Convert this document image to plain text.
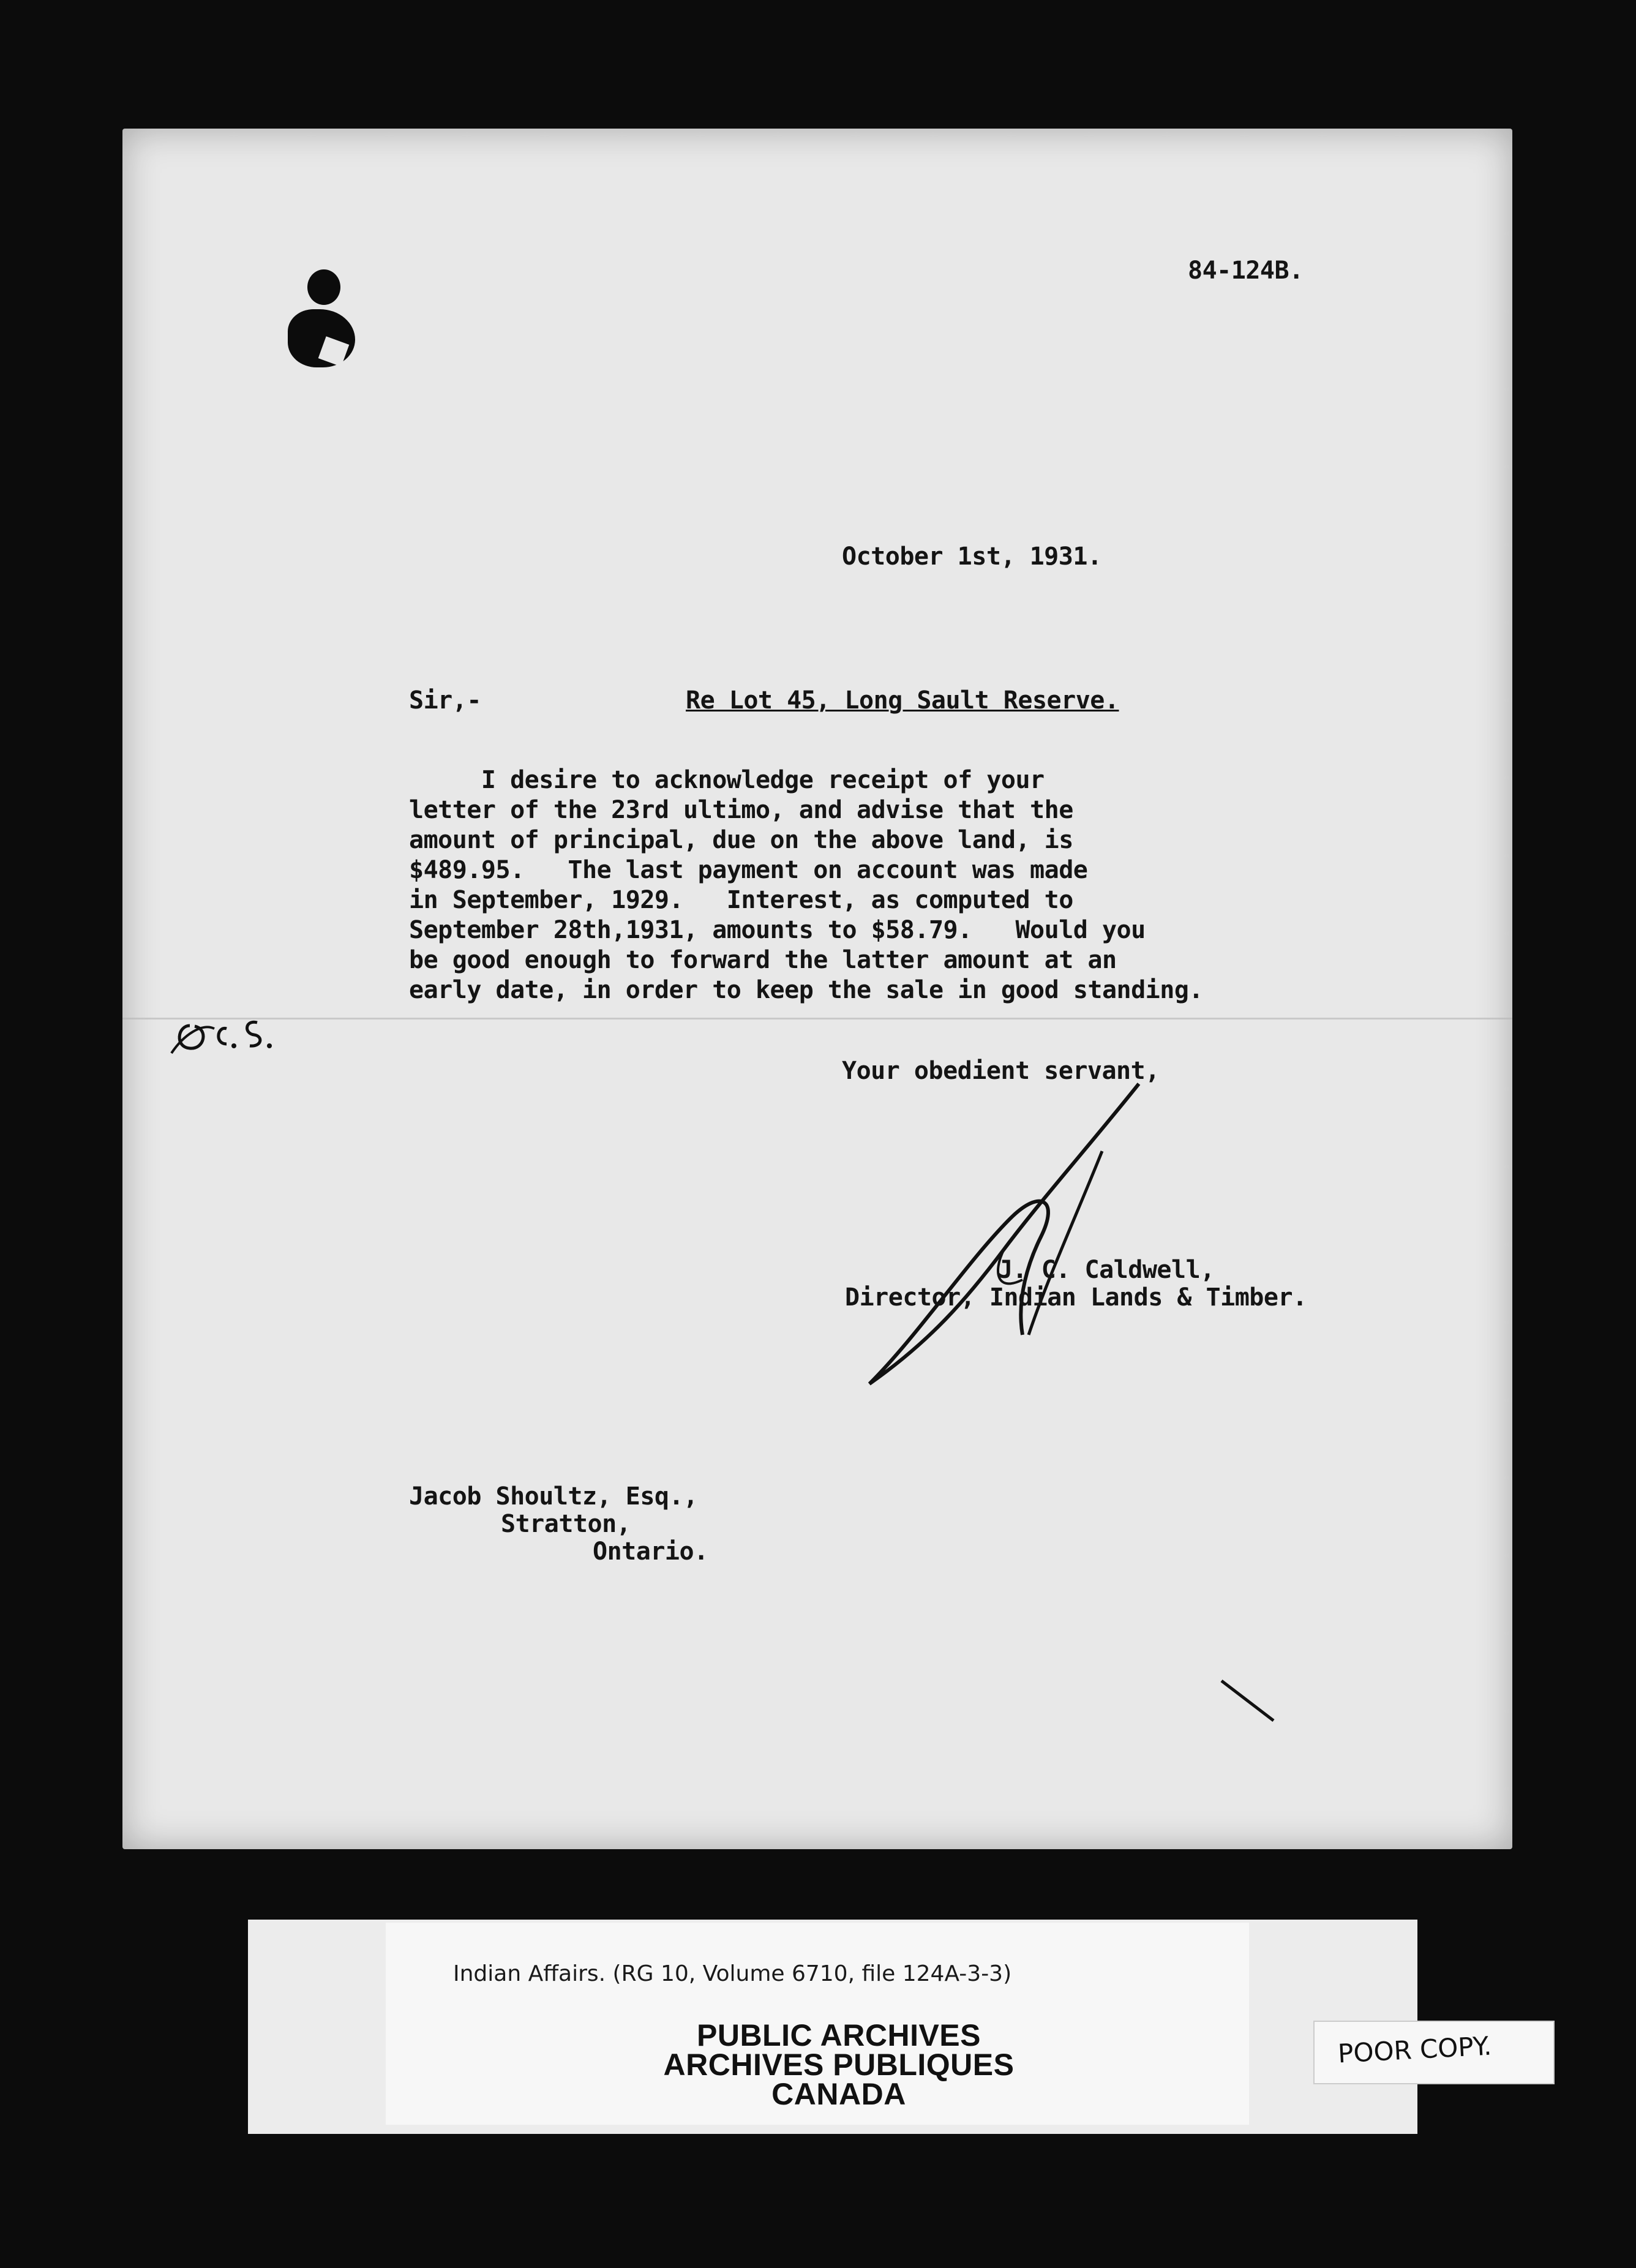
84-124B.
October 1st, 1931.
Sir,-	Re Lot 45, Long Sault Reserve.
I desire to acknowledge receipt of your
letter of the 23rd ultimo, and advise that the
amount of principal, due on the above land, is
$489.95.   The last payment on account was made
in September, 1929.   Interest, as computed to
September 28th,1931, amounts to $58.79.   Would you
be good enough to forward the latter amount at an
early date, in order to keep the sale in good standing.
Your obedient servant,
J. C. Caldwell,
Director, Indian Lands & Timber.
Jacob Shoultz, Esq.,
Stratton,
Ontario.
Indian Affairs. (RG 10, Volume 6710, file 124A-3-3)
PUBLIC ARCHIVES
ARCHIVES PUBLIQUES
CANADA
POOR COPY.
